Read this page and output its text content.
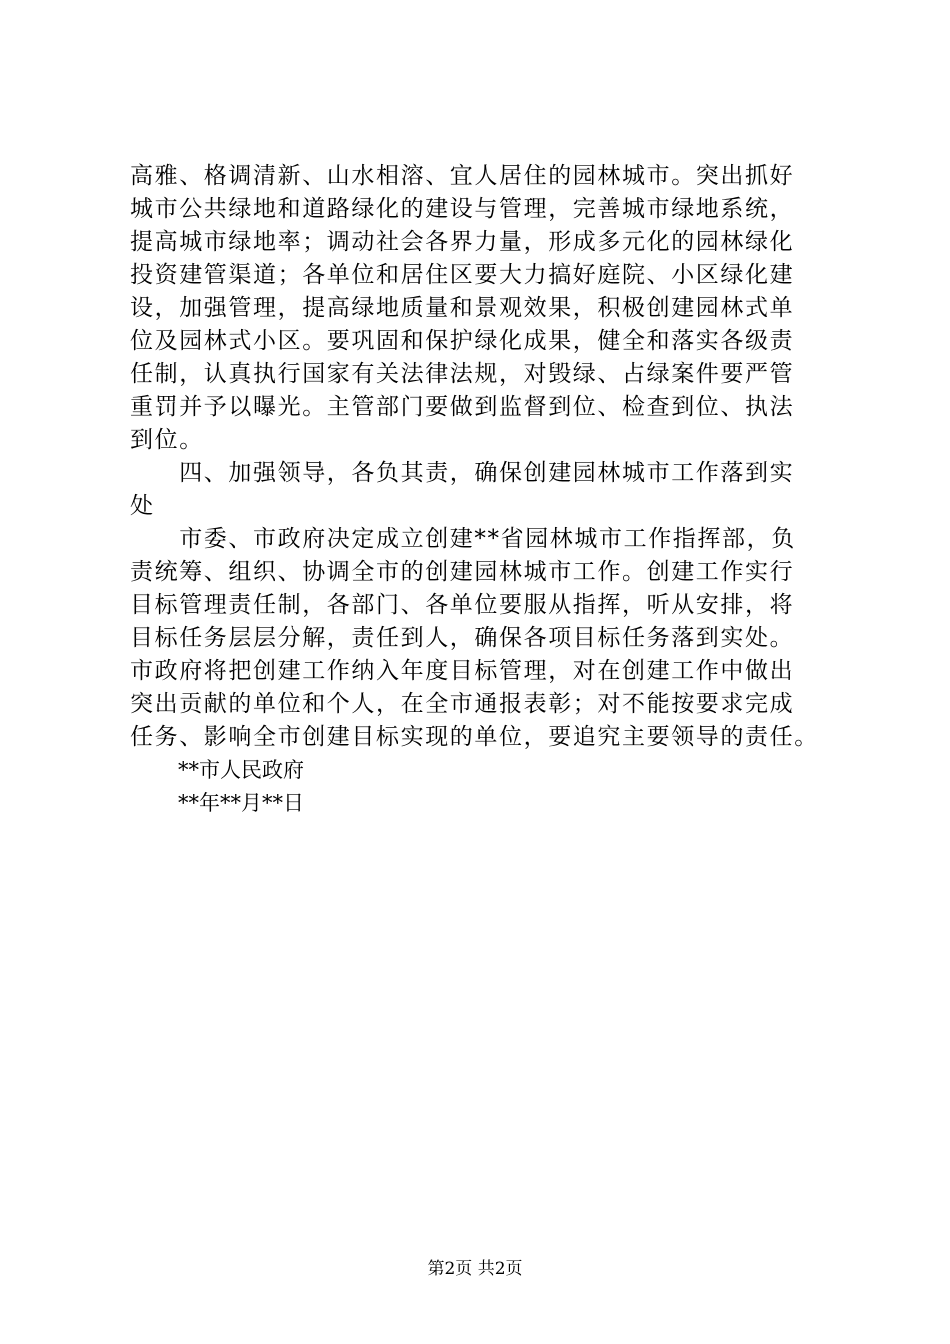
高雅、格调清新、山水相溶、宜人居住的园林城市。突出抓好
城市公共绿地和道路绿化的建设与管理，完善城市绿地系统，
提高城市绿地率；调动社会各界力量，形成多元化的园林绿化
投资建管渠道；各单位和居住区要大力搞好庭院、小区绿化建
设，加强管理，提高绿地质量和景观效果，积极创建园林式单
位及园林式小区。要巩固和保护绿化成果，健全和落实各级责
任制，认真执行国家有关法律法规，对毁绿、占绿案件要严管
重罚并予以曝光。主管部门要做到监督到位、检查到位、执法
到位。
　　四、加强领导，各负其责，确保创建园林城市工作落到实
处
　　市委、市政府决定成立创建**省园林城市工作指挥部，负
责统筹、组织、协调全市的创建园林城市工作。创建工作实行
目标管理责任制，各部门、各单位要服从指挥，听从安排，将
目标任务层层分解，责任到人，确保各项目标任务落到实处。
市政府将把创建工作纳入年度目标管理，对在创建工作中做出
突出贡献的单位和个人，在全市通报表彰；对不能按要求完成
任务、影响全市创建目标实现的单位，要追究主要领导的责任。
**市人民政府
**年**月**日
第2页 共2页
